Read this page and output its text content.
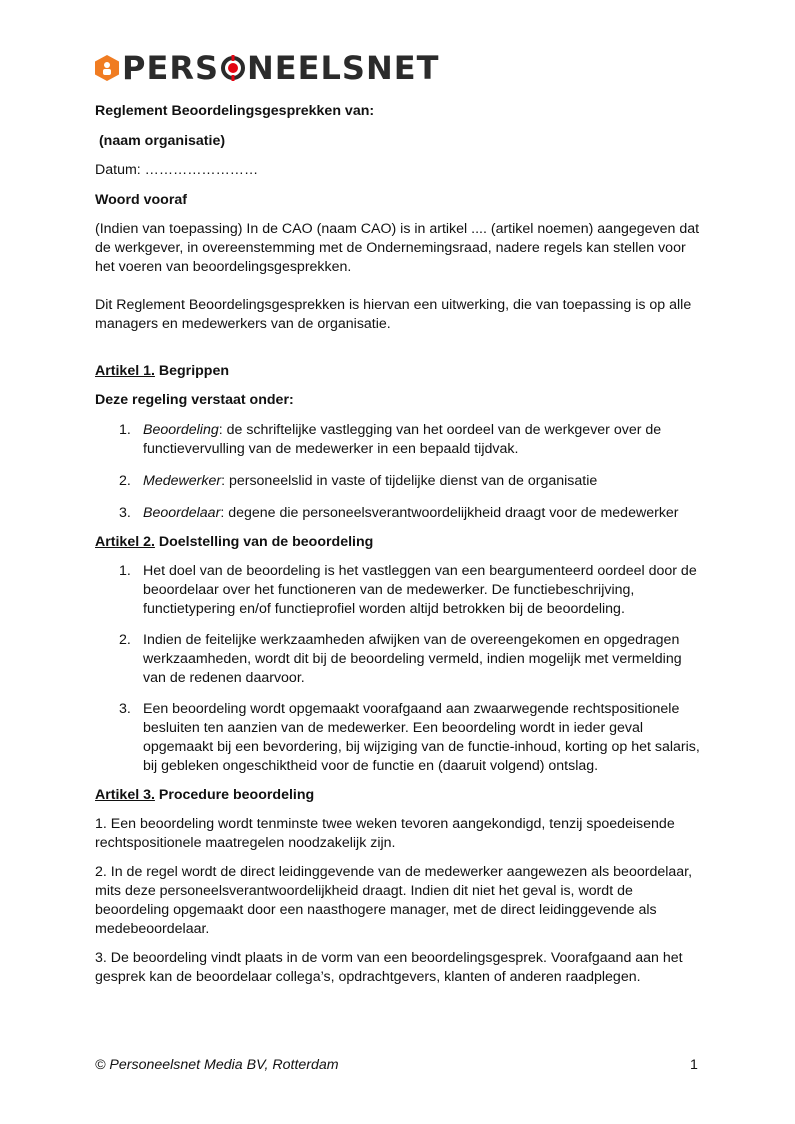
P ERS NEELSNET

Reglement Beoordelingsgesprekken van:

(naam organisatie)

Datum: ……………………

Woord vooraf

(Indien van toepassing) In de CAO (naam CAO) is in artikel .... (artikel noemen) aangegeven dat de werkgever, in overeenstemming met de Ondernemingsraad, nadere regels kan stellen voor het voeren van beoordelingsgesprekken.

Dit Reglement Beoordelingsgesprekken is hiervan een uitwerking, die van toepassing is op alle managers en medewerkers van de organisatie.

Artikel 1. Begrippen

Deze regeling verstaat onder:

1. Beoordeling: de schriftelijke vastlegging van het oordeel van de werkgever over de functievervulling van de medewerker in een bepaald tijdvak.
2. Medewerker: personeelslid in vaste of tijdelijke dienst van de organisatie
3. Beoordelaar: degene die personeelsverantwoordelijkheid draagt voor de medewerker

Artikel 2. Doelstelling van de beoordeling

1. Het doel van de beoordeling is het vastleggen van een beargumenteerd oordeel door de beoordelaar over het functioneren van de medewerker. De functiebeschrijving, functietypering en/of functieprofiel worden altijd betrokken bij de beoordeling.
2. Indien de feitelijke werkzaamheden afwijken van de overeengekomen en opgedragen werkzaamheden, wordt dit bij de beoordeling vermeld, indien mogelijk met vermelding van de redenen daarvoor.
3. Een beoordeling wordt opgemaakt voorafgaand aan zwaarwegende rechtspositionele besluiten ten aanzien van de medewerker. Een beoordeling wordt in ieder geval opgemaakt bij een bevordering, bij wijziging van de functie-inhoud, korting op het salaris, bij gebleken ongeschiktheid voor de functie en (daaruit volgend) ontslag.

Artikel 3. Procedure beoordeling

1. Een beoordeling wordt tenminste twee weken tevoren aangekondigd, tenzij spoedeisende rechtspositionele maatregelen noodzakelijk zijn.

2. In de regel wordt de direct leidinggevende van de medewerker aangewezen als beoordelaar, mits deze personeelsverantwoordelijkheid draagt. Indien dit niet het geval is, wordt de beoordeling opgemaakt door een naasthogere manager, met de direct leidinggevende als medebeoordelaar.

3. De beoordeling vindt plaats in de vorm van een beoordelingsgesprek. Voorafgaand aan het gesprek kan de beoordelaar collega’s, opdrachtgevers, klanten of anderen raadplegen.

© Personeelsnet Media BV, Rotterdam	1
